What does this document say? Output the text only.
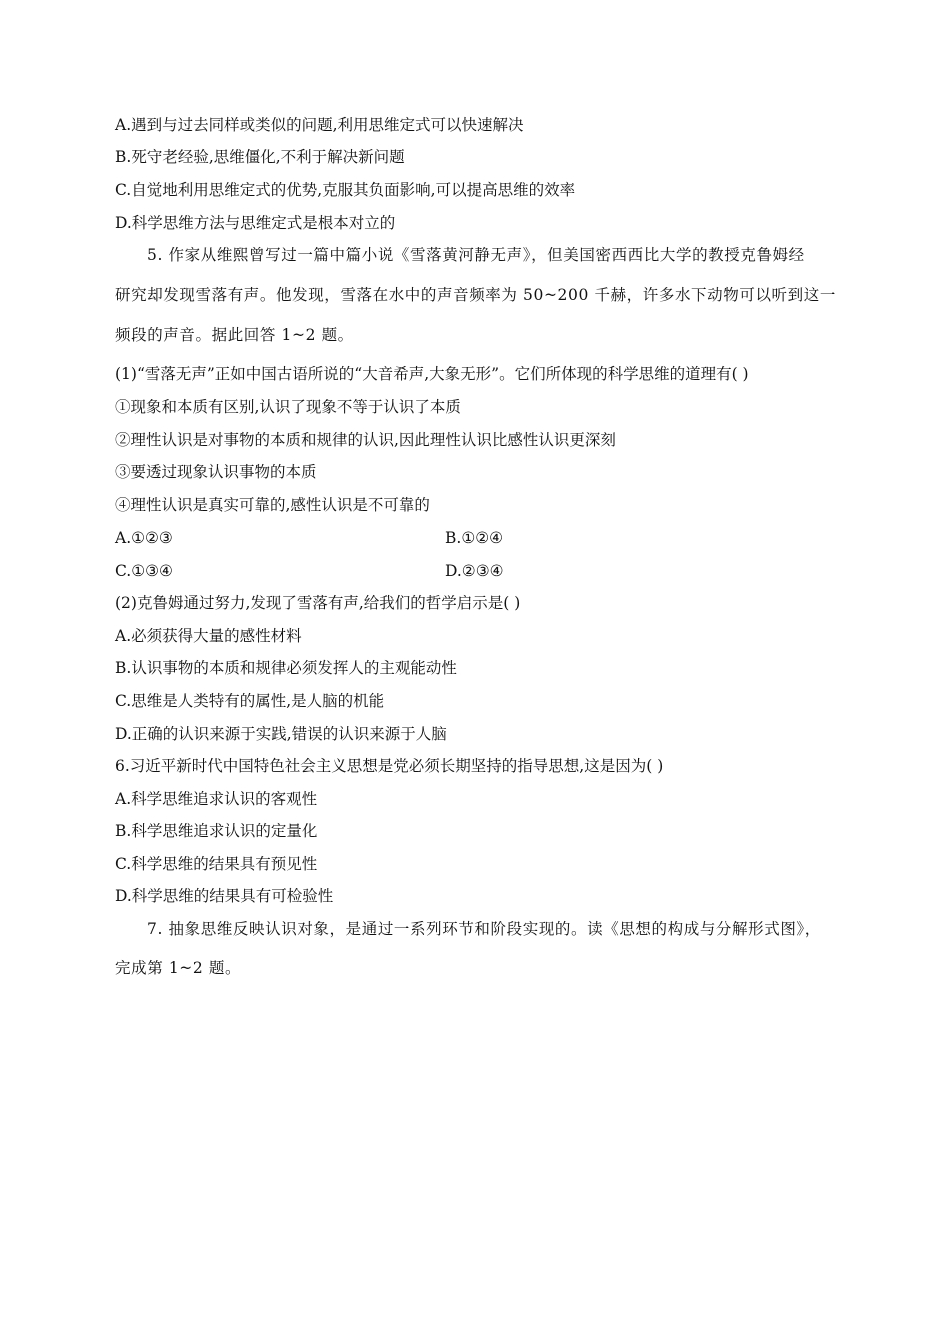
A.遇到与过去同样或类似的问题,利用思维定式可以快速解决
B.死守老经验,思维僵化,不利于解决新问题
C.自觉地利用思维定式的优势,克服其负面影响,可以提高思维的效率
D.科学思维方法与思维定式是根本对立的
5. 作家从维熙曾写过一篇中篇小说《雪落黄河静无声》，但美国密西西比大学的教授克鲁姆经
研究却发现雪落有声。他发现，雪落在水中的声音频率为 50~200 千赫，许多水下动物可以听到这一
频段的声音。据此回答 1~2 题。
(1)“雪落无声”正如中国古语所说的“大音希声,大象无形”。它们所体现的科学思维的道理有( )
①现象和本质有区别,认识了现象不等于认识了本质
②理性认识是对事物的本质和规律的认识,因此理性认识比感性认识更深刻
③要透过现象认识事物的本质
④理性认识是真实可靠的,感性认识是不可靠的
A.①②③	B.①②④
C.①③④	D.②③④
(2)克鲁姆通过努力,发现了雪落有声,给我们的哲学启示是( )
A.必须获得大量的感性材料
B.认识事物的本质和规律必须发挥人的主观能动性
C.思维是人类特有的属性,是人脑的机能
D.正确的认识来源于实践,错误的认识来源于人脑
6.习近平新时代中国特色社会主义思想是党必须长期坚持的指导思想,这是因为( )
A.科学思维追求认识的客观性
B.科学思维追求认识的定量化
C.科学思维的结果具有预见性
D.科学思维的结果具有可检验性
7. 抽象思维反映认识对象，是通过一系列环节和阶段实现的。读《思想的构成与分解形式图》，
完成第 1~2 题。
